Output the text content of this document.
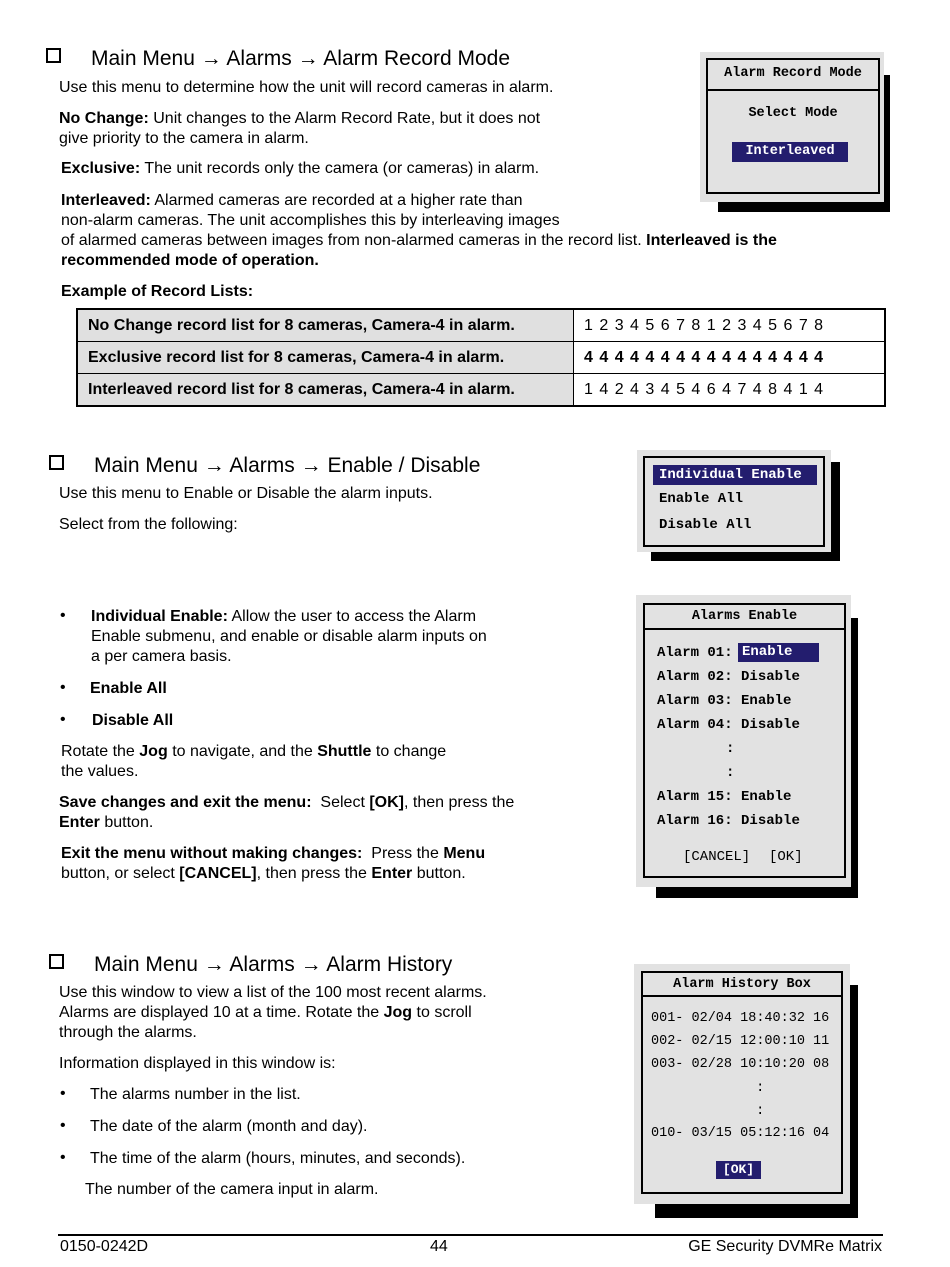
Main Menu → Alarms → Alarm Record Mode
Use this menu to determine how the unit will record cameras in alarm.
No Change: Unit changes to the Alarm Record Rate, but it does not
give priority to the camera in alarm.
Exclusive: The unit records only the camera (or cameras) in alarm.
Interleaved: Alarmed cameras are recorded at a higher rate than
non-alarm cameras. The unit accomplishes this by interleaving images
of alarmed cameras between images from non-alarmed cameras in the record list. Interleaved is the
recommended mode of operation.
Example of Record Lists:
No Change record list for 8 cameras, Camera-4 in alarm.	1 2 3 4 5 6 7 8 1 2 3 4 5 6 7 8
Exclusive record list for 8 cameras, Camera-4 in alarm.	4 4 4 4 4 4 4 4 4 4 4 4 4 4 4 4
Interleaved record list for 8 cameras, Camera-4 in alarm.	1 4 2 4 3 4 5 4 6 4 7 4 8 4 1 4
Alarm Record Mode
Select Mode
Interleaved
Main Menu → Alarms → Enable / Disable
Use this menu to Enable or Disable the alarm inputs.
Select from the following:
Individual Enable
Enable All
Disable All
• Individual Enable: Allow the user to access the Alarm
Enable submenu, and enable or disable alarm inputs on
a per camera basis.
• Enable All
• Disable All
Rotate the Jog to navigate, and the Shuttle to change
the values.
Save changes and exit the menu: Select [OK], then press the
Enter button.
Exit the menu without making changes: Press the Menu
button, or select [CANCEL], then press the Enter button.
Alarms Enable
Alarm 01: Enable
Alarm 02: Disable
Alarm 03: Enable
Alarm 04: Disable
:
:
Alarm 15: Enable
Alarm 16: Disable
[CANCEL] [OK]
Main Menu → Alarms → Alarm History
Use this window to view a list of the 100 most recent alarms.
Alarms are displayed 10 at a time. Rotate the Jog to scroll
through the alarms.
Information displayed in this window is:
• The alarms number in the list.
• The date of the alarm (month and day).
• The time of the alarm (hours, minutes, and seconds).
The number of the camera input in alarm.
Alarm History Box
001- 02/04 18:40:32 16
002- 02/15 12:00:10 11
003- 02/28 10:10:20 08
:
:
010- 03/15 05:12:16 04
[OK]
0150-0242D	44	GE Security DVMRe Matrix
